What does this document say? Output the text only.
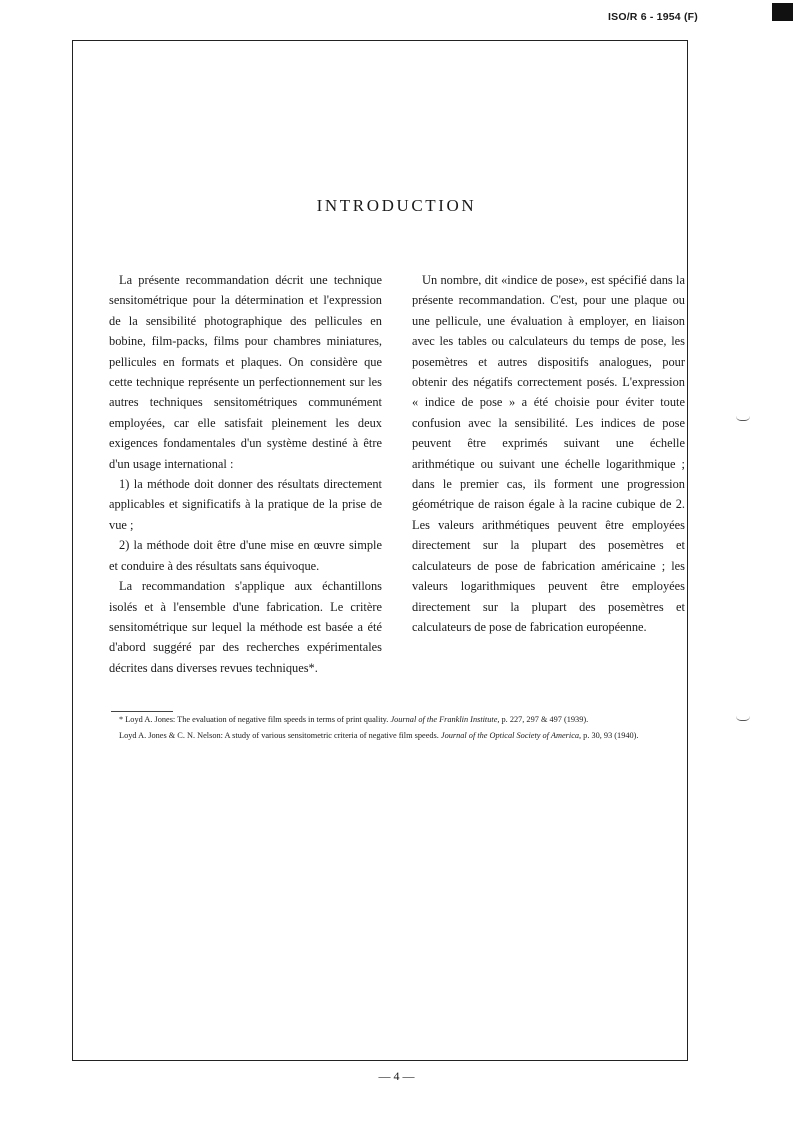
ISO/R 6 - 1954 (F)
INTRODUCTION

La présente recommandation décrit une technique sensitométrique pour la détermination et l'expression de la sensibilité photographique des pellicules en bobine, film-packs, films pour chambres miniatures, pellicules en formats et plaques. On considère que cette technique représente un perfectionnement sur les autres techniques sensitométriques communément employées, car elle satisfait pleinement les deux exigences fondamentales d'un système destiné à être d'un usage international :

1) la méthode doit donner des résultats directement applicables et significatifs à la pratique de la prise de vue ;

2) la méthode doit être d'une mise en œuvre simple et conduire à des résultats sans équivoque.

La recommandation s'applique aux échantillons isolés et à l'ensemble d'une fabrication. Le critère sensitométrique sur lequel la méthode est basée a été d'abord suggéré par des recherches expérimentales décrites dans diverses revues techniques*.

Un nombre, dit «indice de pose», est spécifié dans la présente recommandation. C'est, pour une plaque ou une pellicule, une évaluation à employer, en liaison avec les tables ou calculateurs du temps de pose, les posemètres et autres dispositifs analogues, pour obtenir des négatifs correctement posés. L'expression « indice de pose » a été choisie pour éviter toute confusion avec la sensibilité. Les indices de pose peuvent être exprimés suivant une échelle arithmétique ou suivant une échelle logarithmique ; dans le premier cas, ils forment une progression géométrique de raison égale à la racine cubique de 2. Les valeurs arithmétiques peuvent être employées directement sur la plupart des posemètres et calculateurs de pose de fabrication américaine ; les valeurs logarithmiques peuvent être employées directement sur la plupart des posemètres et calculateurs de pose de fabrication européenne.

* Loyd A. Jones: The evaluation of negative film speeds in terms of print quality. Journal of the Franklin Institute, p. 227, 297 & 497 (1939).

Loyd A. Jones & C. N. Nelson: A study of various sensitometric criteria of negative film speeds. Journal of the Optical Society of America, p. 30, 93 (1940).

— 4 —
